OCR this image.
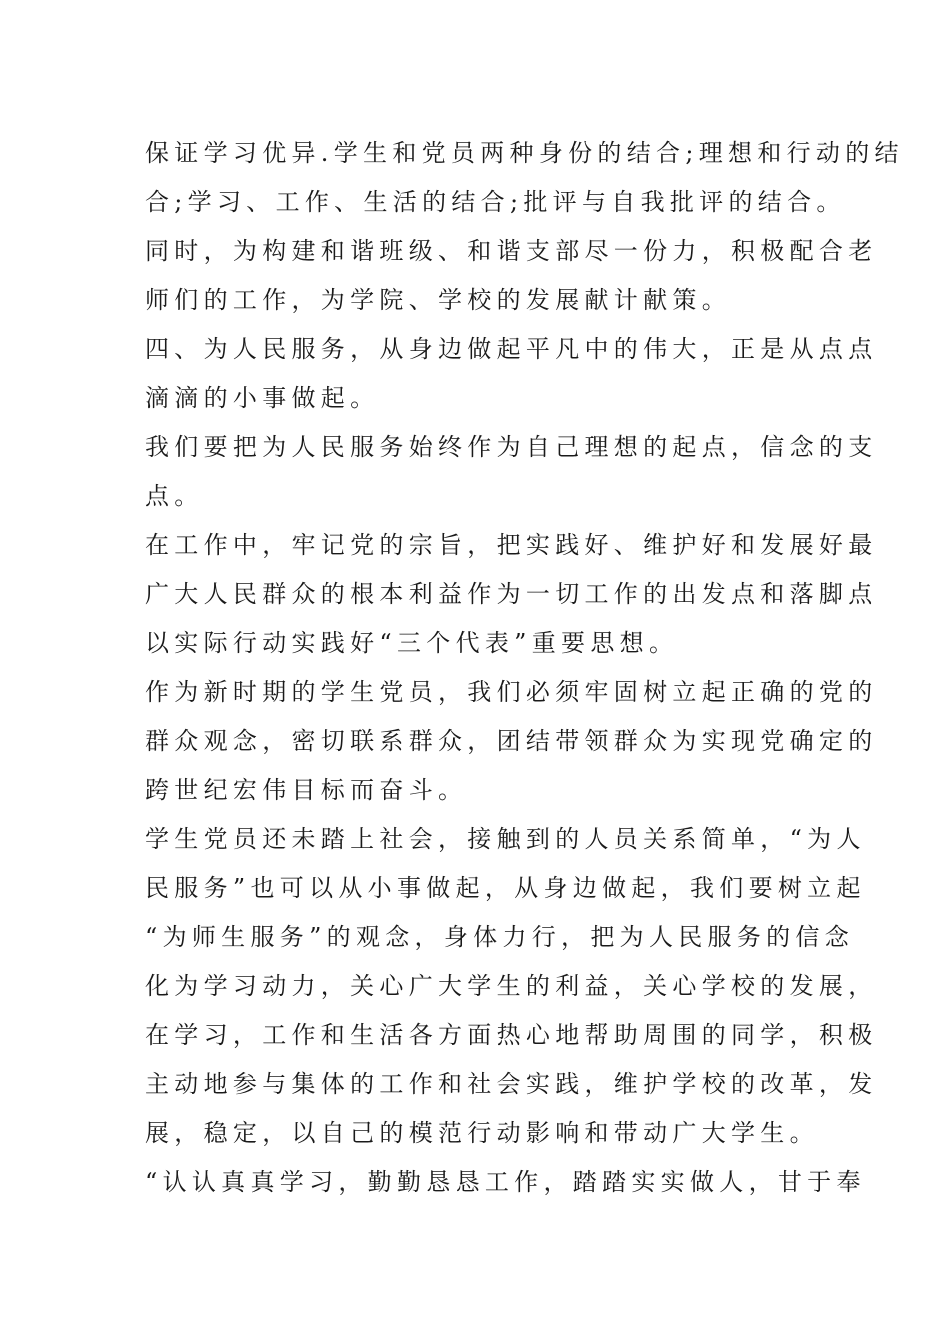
保证学习优异.学生和党员两种身份的结合;理想和行动的结
合;学习、工作、生活的结合;批评与自我批评的结合。
同时，为构建和谐班级、和谐支部尽一份力，积极配合老
师们的工作，为学院、学校的发展献计献策。
四、为人民服务，从身边做起平凡中的伟大，正是从点点
滴滴的小事做起。
我们要把为人民服务始终作为自己理想的起点，信念的支
点。
在工作中，牢记党的宗旨，把实践好、维护好和发展好最
广大人民群众的根本利益作为一切工作的出发点和落脚点
以实际行动实践好“三个代表”重要思想。
作为新时期的学生党员，我们必须牢固树立起正确的党的
群众观念，密切联系群众，团结带领群众为实现党确定的
跨世纪宏伟目标而奋斗。
学生党员还未踏上社会，接触到的人员关系简单，“为人
民服务”也可以从小事做起，从身边做起，我们要树立起
“为师生服务”的观念，身体力行，把为人民服务的信念
化为学习动力，关心广大学生的利益，关心学校的发展，
在学习，工作和生活各方面热心地帮助周围的同学，积极
主动地参与集体的工作和社会实践，维护学校的改革，发
展，稳定，以自己的模范行动影响和带动广大学生。
“认认真真学习，勤勤恳恳工作，踏踏实实做人，甘于奉
